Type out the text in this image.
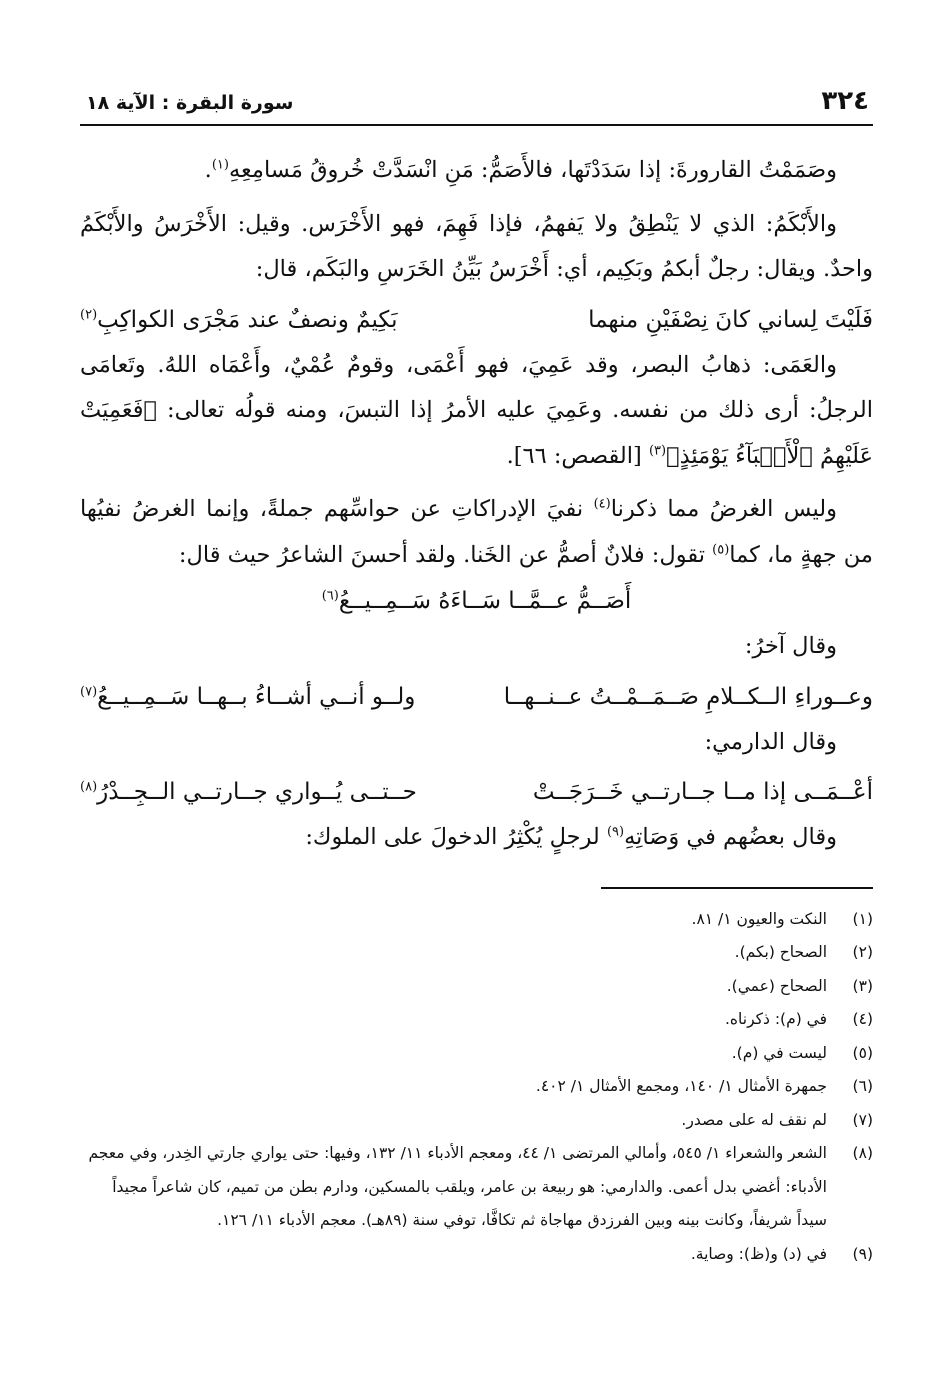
٣٢٤
سورة البقرة : الآية ١٨

وصَمَمْتُ القارورةَ: إذا سَدَدْتَها، فالأَصَمُّ: مَنِ انْسَدَّتْ خُروقُ مَسامِعِهِ$^{(١)}$.

والأَبْكَمُ: الذي لا يَنْطِقُ ولا يَفهمُ، فإذا فَهِمَ، فهو الأَخْرَس. وقيل: الأَخْرَسُ والأَبْكَمُ واحدٌ. ويقال: رجلٌ أبكمُ وبَكِيم، أي: أَخْرَسُ بَيِّنُ الخَرَسِ والبَكَم، قال:

فَلَيْتَ لِساني كانَ نِصْفَيْنِ منهما
بَكِيمٌ ونصفٌ عند مَجْرَى الكواكِبِ$^{(٢)}$

والعَمَى: ذهابُ البصر، وقد عَمِيَ، فهو أَعْمَى، وقومٌ عُمْيٌ، وأَعْمَاه اللهُ. وتَعامَى الرجلُ: أرى ذلك من نفسه. وعَمِيَ عليه الأمرُ إذا التبسَ، ومنه قولُه تعالى: ﴿فَعَمِيَتْ عَلَيْهِمُ ٱلْأَنۢبَآءُ يَوْمَئِذٍ﴾$^{(٣)}$ [القصص: ٦٦].

وليس الغرضُ مما ذكرنا$^{(٤)}$ نفيَ الإدراكاتِ عن حواسِّهم جملةً، وإنما الغرضُ نفيُها من جهةٍ ما، كما$^{(٥)}$ تقول: فلانٌ أصمُّ عن الخَنا. ولقد أحسنَ الشاعرُ حيث قال:

أَصَــمُّ عــمَّــا سَــاءَهُ سَــمِــيــعُ$^{(٦)}$

وقال آخرُ:

وعــوراءِ الــكــلامِ صَــمَــمْــتُ عــنــهــا
ولــو أنــي أشــاءُ بــهــا سَــمِــيــعُ$^{(٧)}$

وقال الدارمي:

أعْــمَــى إذا مــا جــارتــي خَــرَجَــتْ
حــتــى يُــواري جــارتــي الــجِــدْرُ$^{(٨)}$

وقال بعضُهم في وَصَاتِهِ$^{(٩)}$ لرجلٍ يُكْثِرُ الدخولَ على الملوك:

(١)
النكت والعيون ١/ ٨١.
(٢)
الصحاح (بكم).
(٣)
الصحاح (عمي).
(٤)
في (م): ذكرناه.
(٥)
ليست في (م).
(٦)
جمهرة الأمثال ١/ ١٤٠، ومجمع الأمثال ١/ ٤٠٢.
(٧)
لم نقف له على مصدر.
(٨)
الشعر والشعراء ١/ ٥٤٥، وأمالي المرتضى ١/ ٤٤، ومعجم الأدباء ١١/ ١٣٢، وفيها: حتى يواري جارتي الخِدر، وفي معجم الأدباء: أغضي بدل أعمى. والدارمي: هو ربيعة بن عامر، ويلقب بالمسكين، ودارم بطن من تميم، كان شاعراً مجيداً سيداً شريفاً، وكانت بينه وبين الفرزدق مهاجاة ثم تكافَّا، توفي سنة (٨٩هـ). معجم الأدباء ١١/ ١٢٦.
(٩)
في (د) و(ظ): وصاية.
